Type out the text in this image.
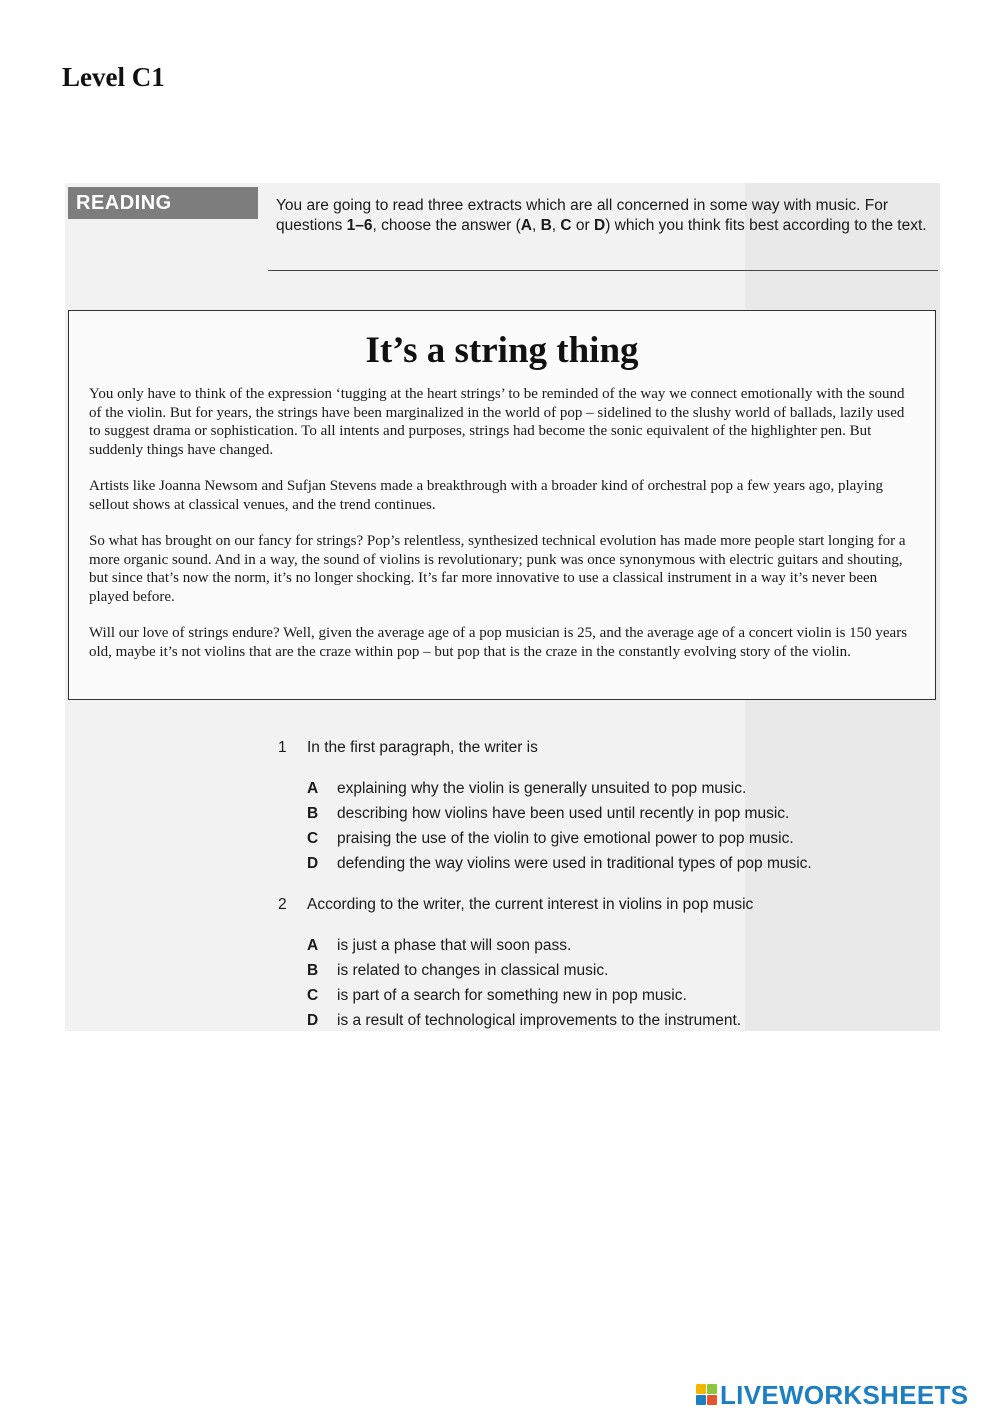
Level C1
READING	You are going to read three extracts which are all concerned in some way with music. For questions 1–6, choose the answer (A, B, C or D) which you think fits best according to the text.
It’s a string thing

You only have to think of the expression ‘tugging at the heart strings’ to be reminded of the way we connect emotionally with the sound of the violin. But for years, the strings have been marginalized in the world of pop – sidelined to the slushy world of ballads, lazily used to suggest drama or sophistication. To all intents and purposes, strings had become the sonic equivalent of the highlighter pen. But suddenly things have changed.

Artists like Joanna Newsom and Sufjan Stevens made a breakthrough with a broader kind of orchestral pop a few years ago, playing sellout shows at classical venues, and the trend continues.

So what has brought on our fancy for strings? Pop’s relentless, synthesized technical evolution has made more people start longing for a more organic sound. And in a way, the sound of violins is revolutionary; punk was once synonymous with electric guitars and shouting, but since that’s now the norm, it’s no longer shocking. It’s far more innovative to use a classical instrument in a way it’s never been played before.

Will our love of strings endure? Well, given the average age of a pop musician is 25, and the average age of a concert violin is 150 years old, maybe it’s not violins that are the craze within pop – but pop that is the craze in the constantly evolving story of the violin.

1	In the first paragraph, the writer is
A	explaining why the violin is generally unsuited to pop music.
B	describing how violins have been used until recently in pop music.
C	praising the use of the violin to give emotional power to pop music.
D	defending the way violins were used in traditional types of pop music.
2	According to the writer, the current interest in violins in pop music
A	is just a phase that will soon pass.
B	is related to changes in classical music.
C	is part of a search for something new in pop music.
D	is a result of technological improvements to the instrument.
LIVEWORKSHEETS
